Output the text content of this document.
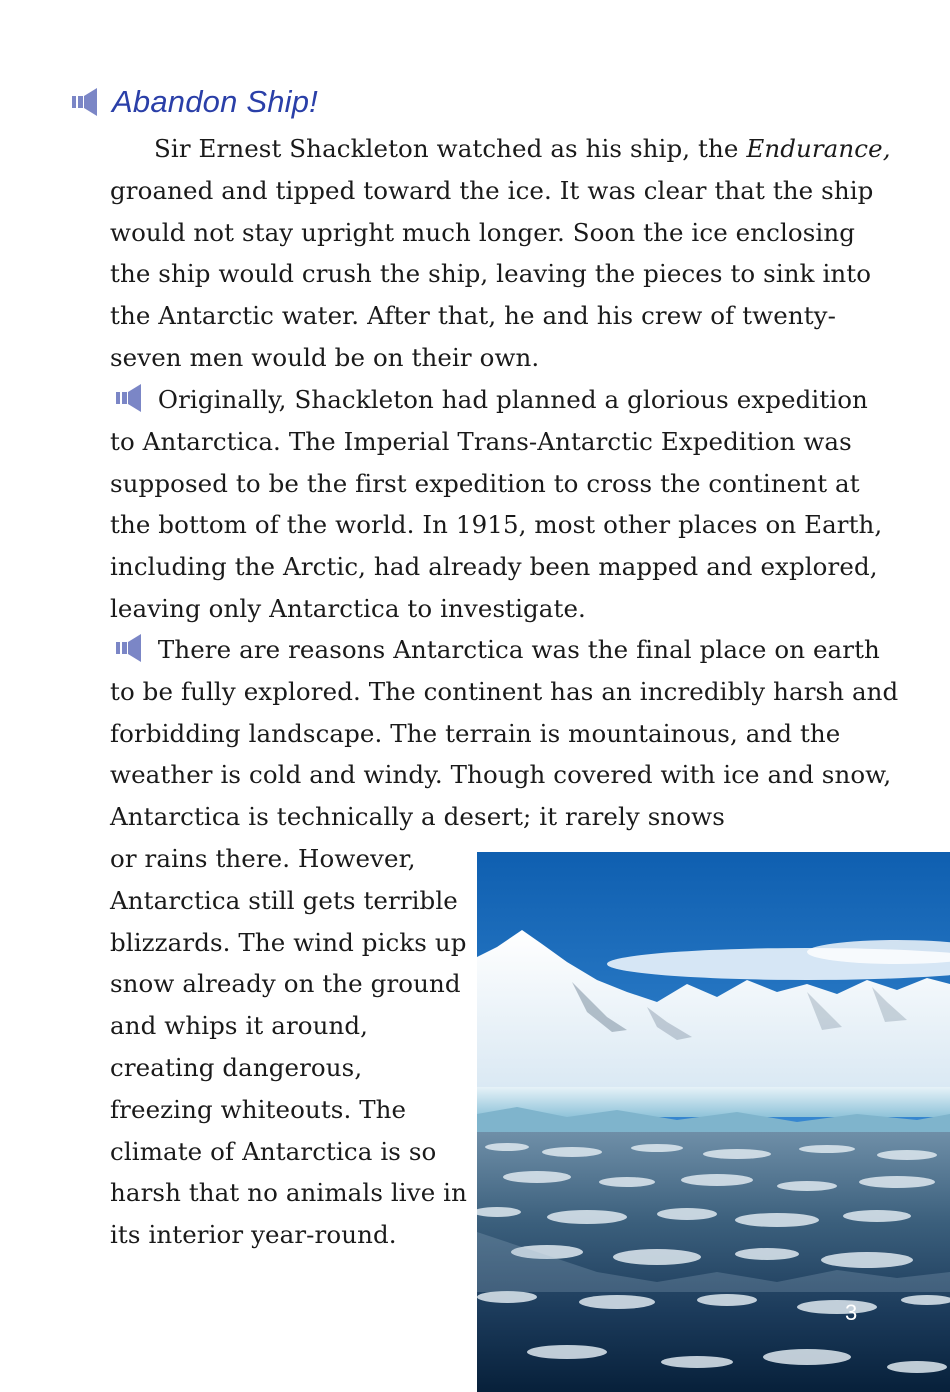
Abandon Ship!

Sir Ernest Shackleton watched as his ship, the Endurance, groaned and tipped toward the ice. It was clear that the ship would not stay upright much longer. Soon the ice enclosing the ship would crush the ship, leaving the pieces to sink into the Antarctic water. After that, he and his crew of twenty-seven men would be on their own.

Originally, Shackleton had planned a glorious expedition to Antarctica. The Imperial Trans-Antarctic Expedition was supposed to be the first expedition to cross the continent at the bottom of the world. In 1915, most other places on Earth, including the Arctic, had already been mapped and explored, leaving only Antarctica to investigate.

There are reasons Antarctica was the final place on earth to be fully explored. The continent has an incredibly harsh and forbidding landscape. The terrain is mountainous, and the weather is cold and windy. Though covered with ice and snow, Antarctica is technically a desert; it rarely snows

or rains there. However, Antarctica still gets terrible blizzards. The wind picks up snow already on the ground and whips it around, creating dangerous, freezing whiteouts. The climate of Antarctica is so harsh that no animals live in its interior year-round.

3
